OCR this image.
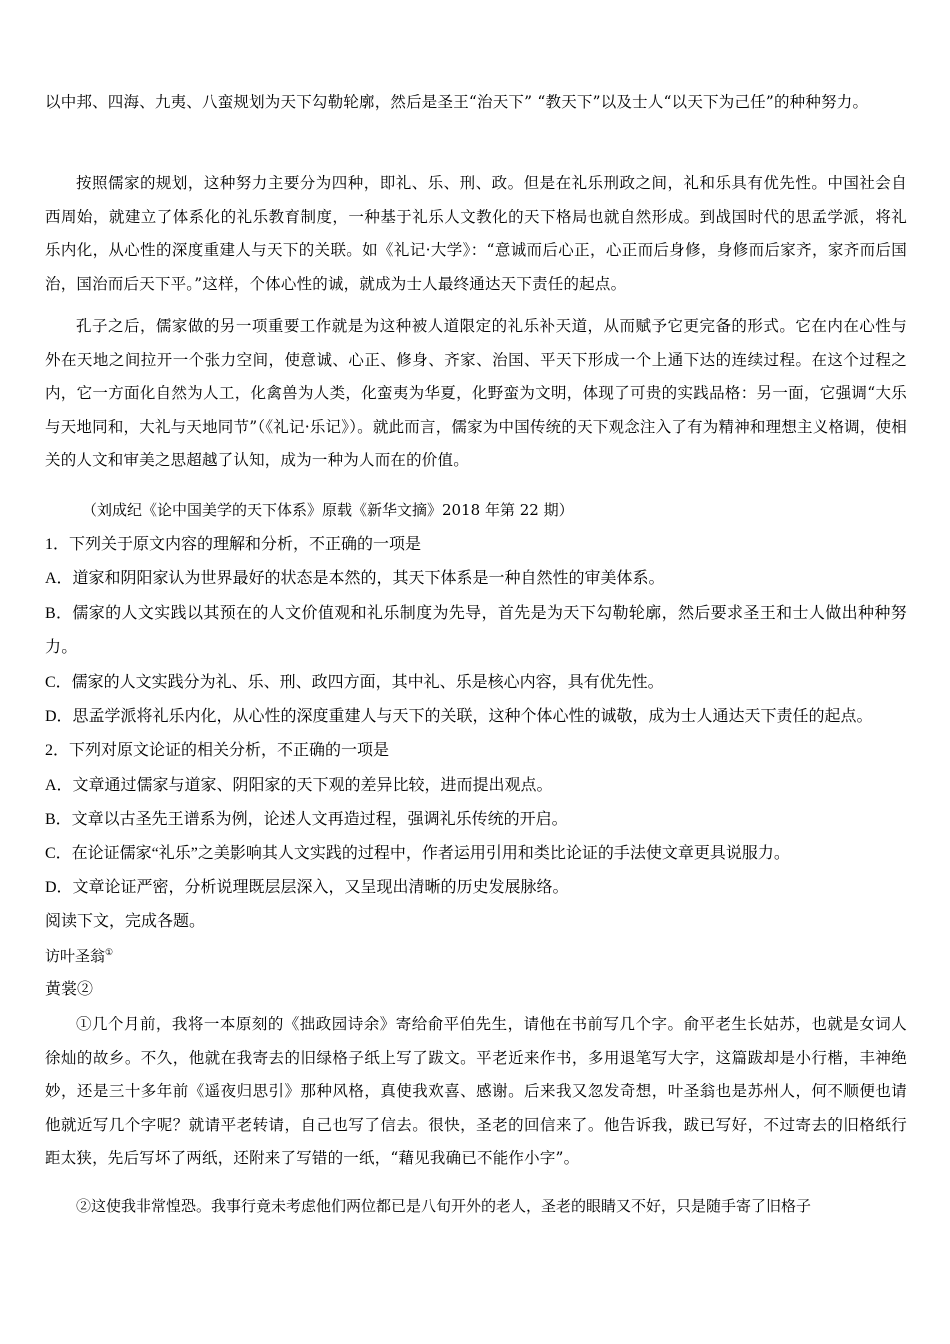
以中邦、四海、九夷、八蛮规划为天下勾勒轮廓，然后是圣王“治天下” “教天下”以及士人“以天下为己任”的种种努力。
按照儒家的规划，这种努力主要分为四种，即礼、乐、刑、政。但是在礼乐刑政之间，礼和乐具有优先性。中国社会自西周始，就建立了体系化的礼乐教育制度，一种基于礼乐人文教化的天下格局也就自然形成。到战国时代的思孟学派，将礼乐内化，从心性的深度重建人与天下的关联。如《礼记·大学》：“意诚而后心正，心正而后身修，身修而后家齐，家齐而后国治，国治而后天下平。”这样，个体心性的诚，就成为士人最终通达天下责任的起点。
孔子之后，儒家做的另一项重要工作就是为这种被人道限定的礼乐补天道，从而赋予它更完备的形式。它在内在心性与外在天地之间拉开一个张力空间，使意诚、心正、修身、齐家、治国、平天下形成一个上通下达的连续过程。在这个过程之内，它一方面化自然为人工，化禽兽为人类，化蛮夷为华夏，化野蛮为文明，体现了可贵的实践品格：另一面，它强调“大乐与天地同和，大礼与天地同节”（《礼记·乐记》）。就此而言，儒家为中国传统的天下观念注入了有为精神和理想主义格调，使相关的人文和审美之思超越了认知，成为一种为人而在的价值。
（刘成纪《论中国美学的天下体系》原载《新华文摘》2018 年第 22 期）
1．下列关于原文内容的理解和分析，不正确的一项是
A．道家和阴阳家认为世界最好的状态是本然的，其天下体系是一种自然性的审美体系。
B．儒家的人文实践以其预在的人文价值观和礼乐制度为先导，首先是为天下勾勒轮廓，然后要求圣王和士人做出种种努力。
C．儒家的人文实践分为礼、乐、刑、政四方面，其中礼、乐是核心内容，具有优先性。
D．思孟学派将礼乐内化，从心性的深度重建人与天下的关联，这种个体心性的诚敬，成为士人通达天下责任的起点。
2．下列对原文论证的相关分析，不正确的一项是
A．文章通过儒家与道家、阴阳家的天下观的差异比较，进而提出观点。
B．文章以古圣先王谱系为例，论述人文再造过程，强调礼乐传统的开启。
C．在论证儒家“礼乐”之美影响其人文实践的过程中，作者运用引用和类比论证的手法使文章更具说服力。
D．文章论证严密，分析说理既层层深入，又呈现出清晰的历史发展脉络。
阅读下文，完成各题。
访叶圣翁①
黄裳②
①几个月前，我将一本原刻的《拙政园诗余》寄给俞平伯先生，请他在书前写几个字。俞平老生长姑苏，也就是女词人徐灿的故乡。不久，他就在我寄去的旧绿格子纸上写了跋文。平老近来作书，多用退笔写大字，这篇跋却是小行楷，丰神绝妙，还是三十多年前《遥夜归思引》那种风格，真使我欢喜、感谢。后来我又忽发奇想，叶圣翁也是苏州人，何不顺便也请他就近写几个字呢？就请平老转请，自己也写了信去。很快，圣老的回信来了。他告诉我，跋已写好，不过寄去的旧格纸行距太狭，先后写坏了两纸，还附来了写错的一纸，“藉见我确已不能作小字”。
②这使我非常惶恐。我事行竟未考虑他们两位都已是八旬开外的老人，圣老的眼睛又不好，只是随手寄了旧格子
